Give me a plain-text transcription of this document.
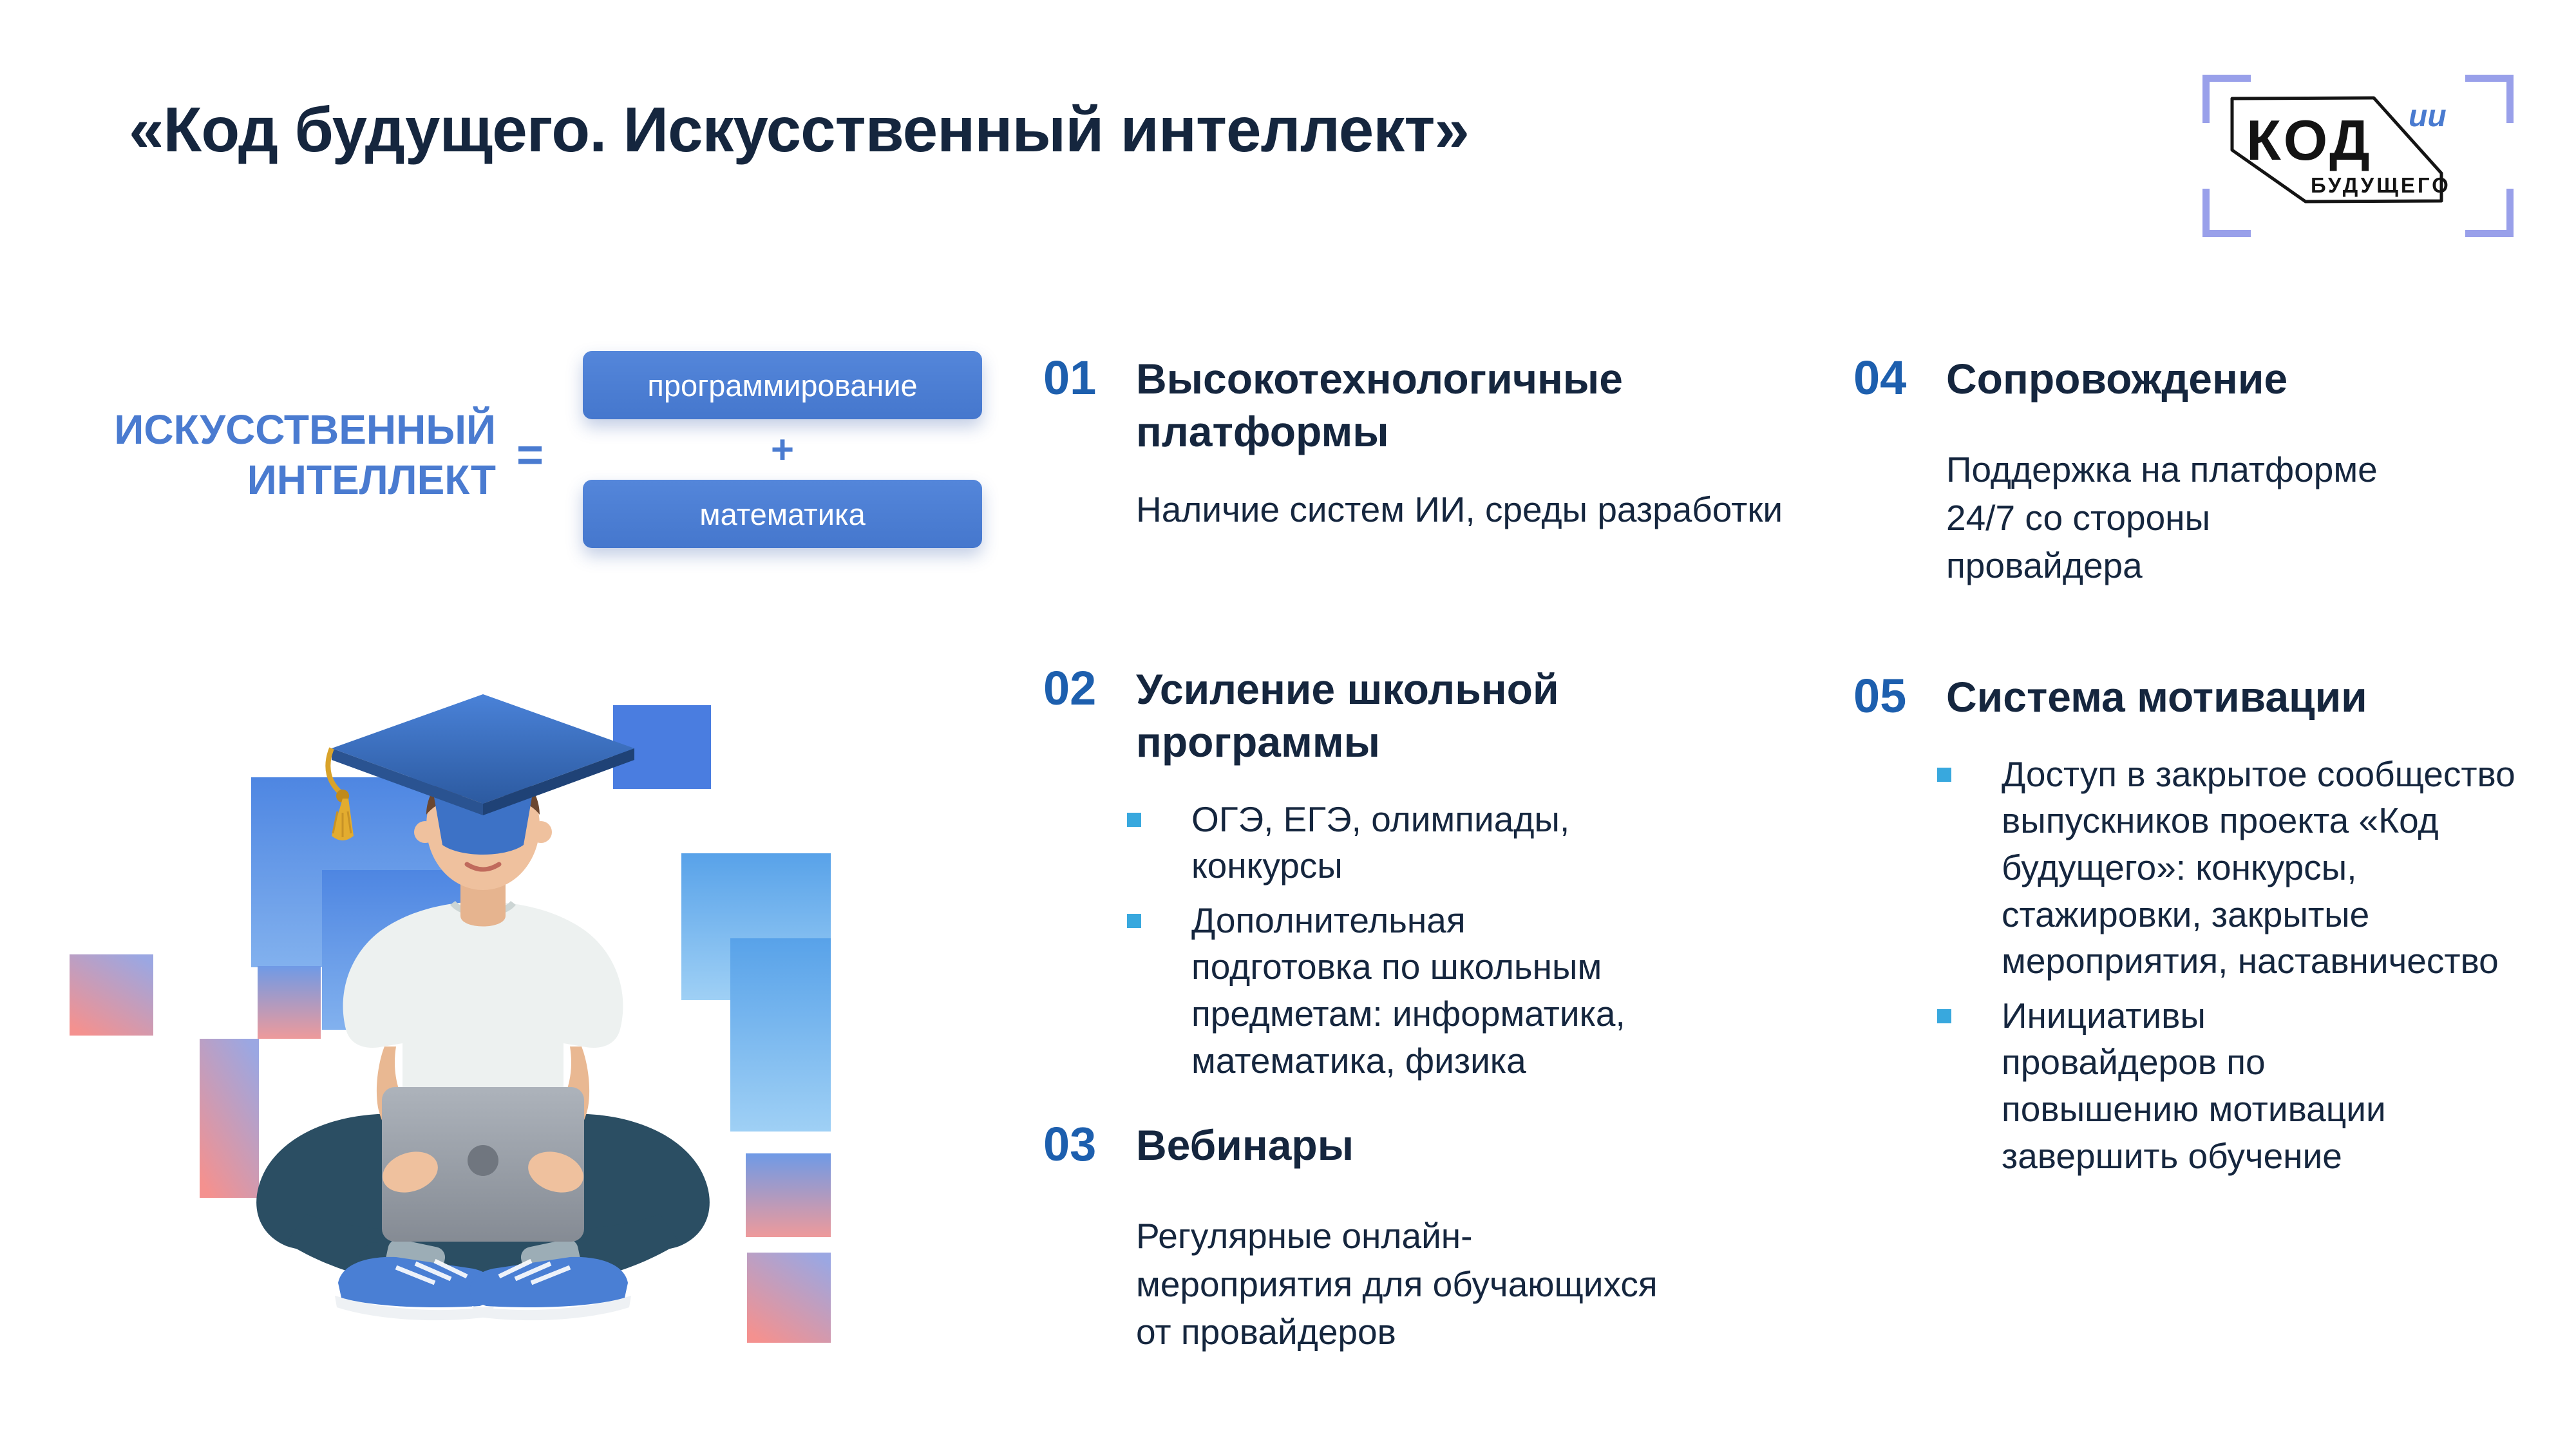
«Код будущего. Искусственный интеллект»	КОД
БУДУЩЕГО
ии
ИСКУССТВЕННЫЙ
ИНТЕЛЛЕКТ =
программирование
+
математика
01 Высокотехнологичные платформы

Наличие систем ИИ, среды разработки

04 Сопровождение

Поддержка на платформе 24/7 со стороны провайдера

02 Усиление школьной программы
ОГЭ, ЕГЭ, олимпиады, конкурсы
Дополнительная подготовка по школьным предметам: информатика, математика, физика
05 Система мотивации
Доступ в закрытое сообщество выпускников проекта «Код будущего»: конкурсы, стажировки, закрытые мероприятия, наставничество
Инициативы провайдеров по повышению мотивации завершить обучение
03 Вебинары

Регулярные онлайн-мероприятия для обучающихся от провайдеров
